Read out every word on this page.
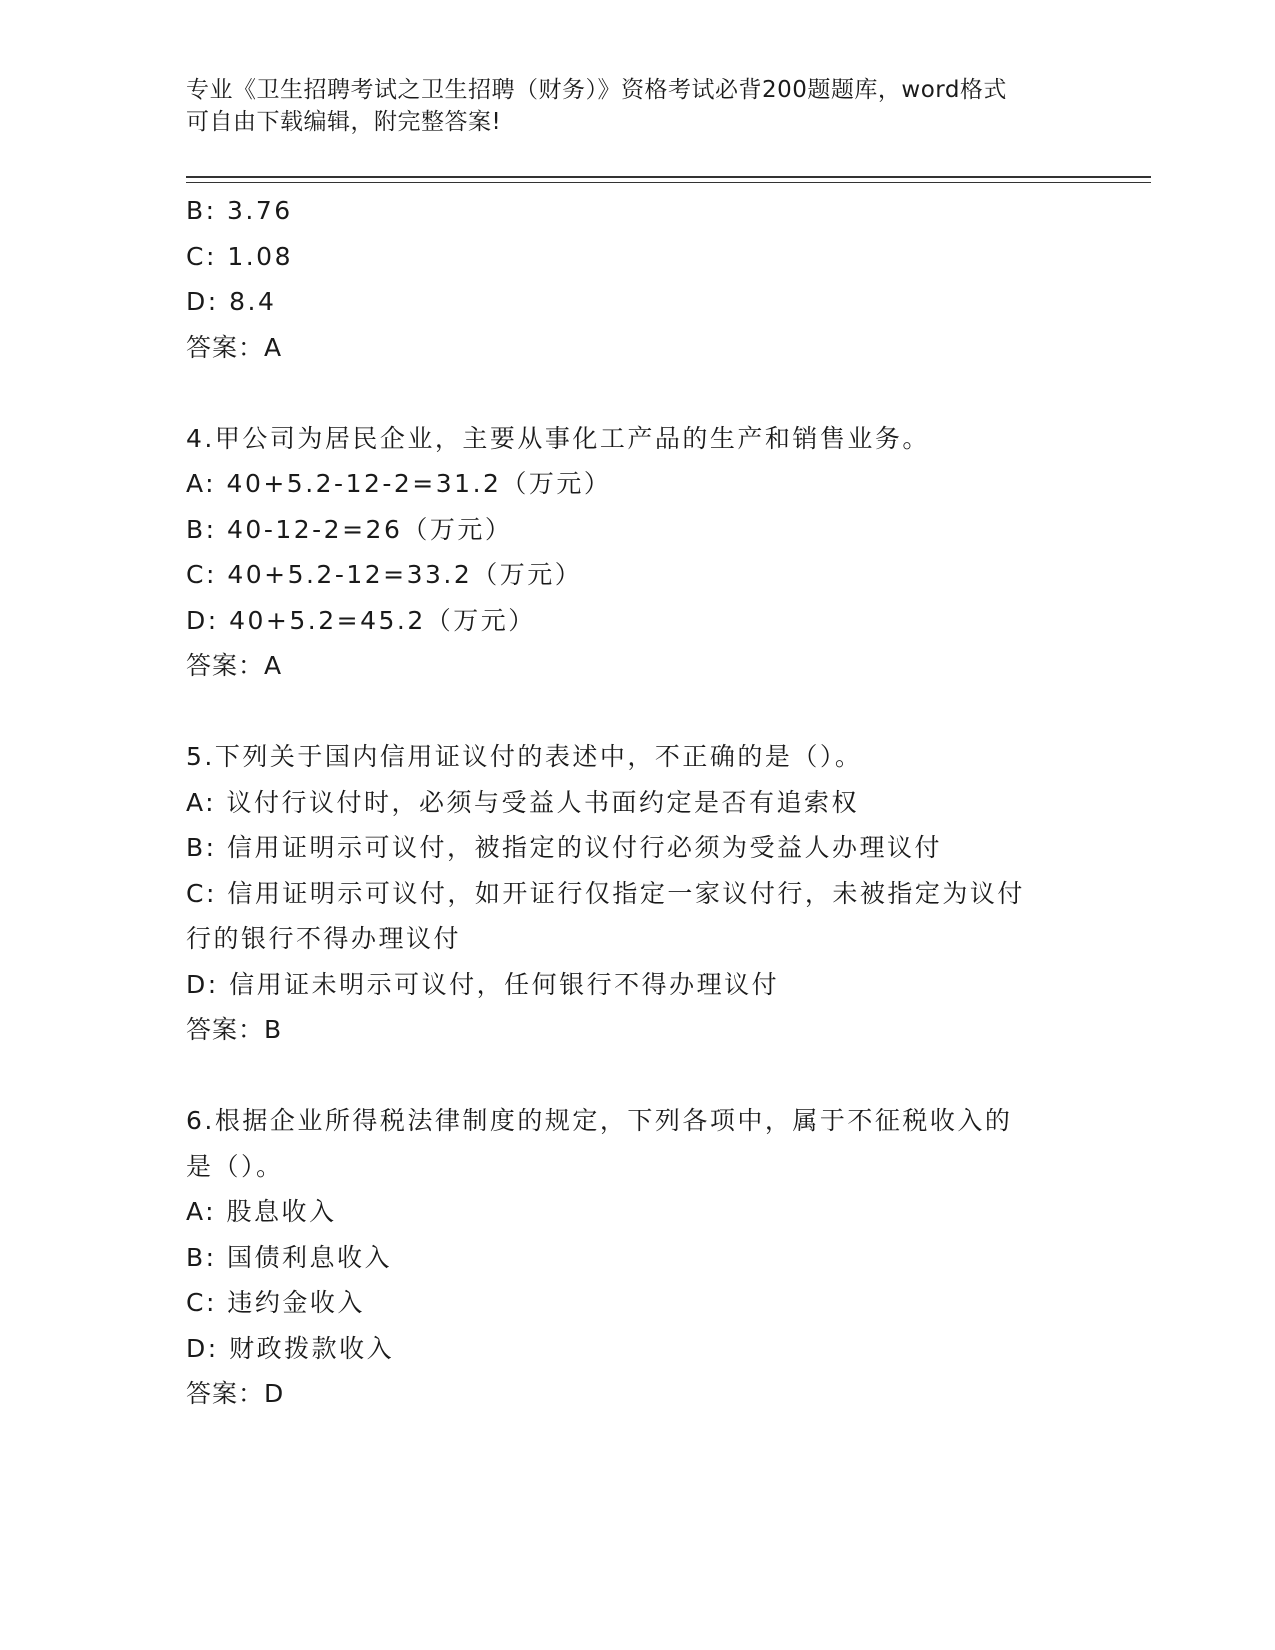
专业《卫生招聘考试之卫生招聘（财务）》资格考试必背200题题库，word格式
可自由下载编辑，附完整答案!
B: 3.76
C: 1.08
D: 8.4
答案：A
4.甲公司为居民企业，主要从事化工产品的生产和销售业务。
A: 40+5.2-12-2=31.2（万元）
B: 40-12-2=26（万元）
C: 40+5.2-12=33.2（万元）
D: 40+5.2=45.2（万元）
答案：A
5.下列关于国内信用证议付的表述中，不正确的是（）。
A: 议付行议付时，必须与受益人书面约定是否有追索权
B: 信用证明示可议付，被指定的议付行必须为受益人办理议付
C: 信用证明示可议付，如开证行仅指定一家议付行，未被指定为议付
行的银行不得办理议付
D: 信用证未明示可议付，任何银行不得办理议付
答案：B
6.根据企业所得税法律制度的规定，下列各项中，属于不征税收入的
是（）。
A: 股息收入
B: 国债利息收入
C: 违约金收入
D: 财政拨款收入
答案：D
